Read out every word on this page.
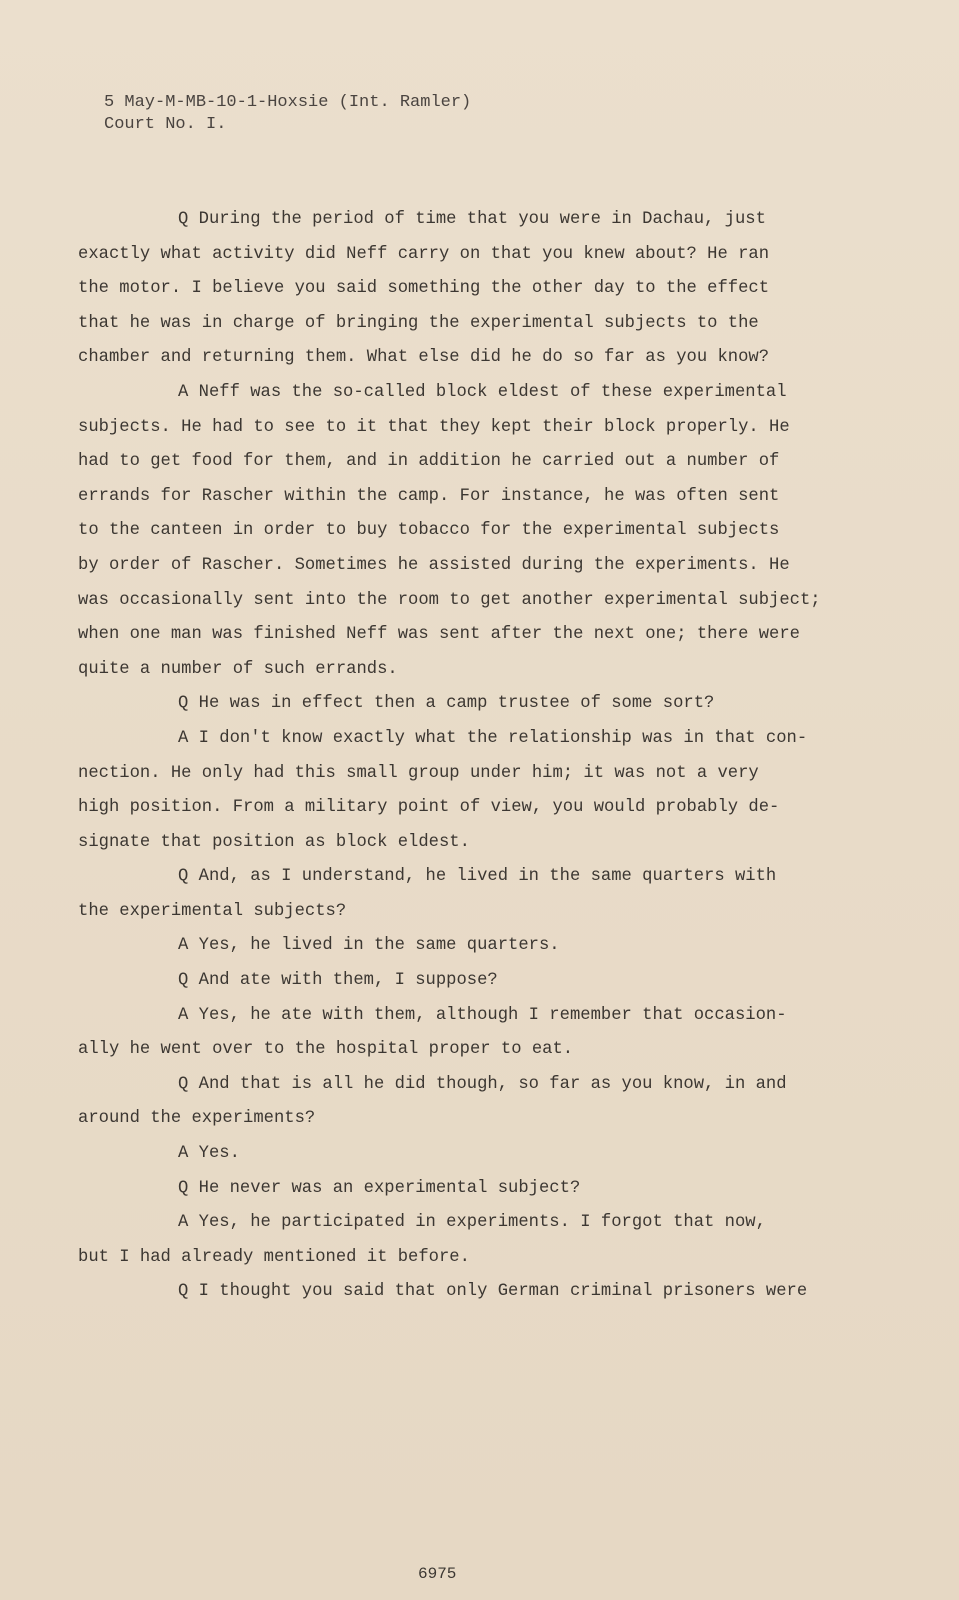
5 May-M-MB-10-1-Hoxsie (Int. Ramler)
Court No. I.
Q During the period of time that you were in Dachau, just
exactly what activity did Neff carry on that you knew about? He ran
the motor. I believe you said something the other day to the effect
that he was in charge of bringing the experimental subjects to the
chamber and returning them. What else did he do so far as you know?
A Neff was the so-called block eldest of these experimental
subjects. He had to see to it that they kept their block properly. He
had to get food for them, and in addition he carried out a number of
errands for Rascher within the camp. For instance, he was often sent
to the canteen in order to buy tobacco for the experimental subjects
by order of Rascher. Sometimes he assisted during the experiments. He
was occasionally sent into the room to get another experimental subject;
when one man was finished Neff was sent after the next one; there were
quite a number of such errands.
Q He was in effect then a camp trustee of some sort?
A I don't know exactly what the relationship was in that con-
nection. He only had this small group under him; it was not a very
high position. From a military point of view, you would probably de-
signate that position as block eldest.
Q And, as I understand, he lived in the same quarters with
the experimental subjects?
A Yes, he lived in the same quarters.
Q And ate with them, I suppose?
A Yes, he ate with them, although I remember that occasion-
ally he went over to the hospital proper to eat.
Q And that is all he did though, so far as you know, in and
around the experiments?
A Yes.
Q He never was an experimental subject?
A Yes, he participated in experiments. I forgot that now,
but I had already mentioned it before.
Q I thought you said that only German criminal prisoners were
6975
